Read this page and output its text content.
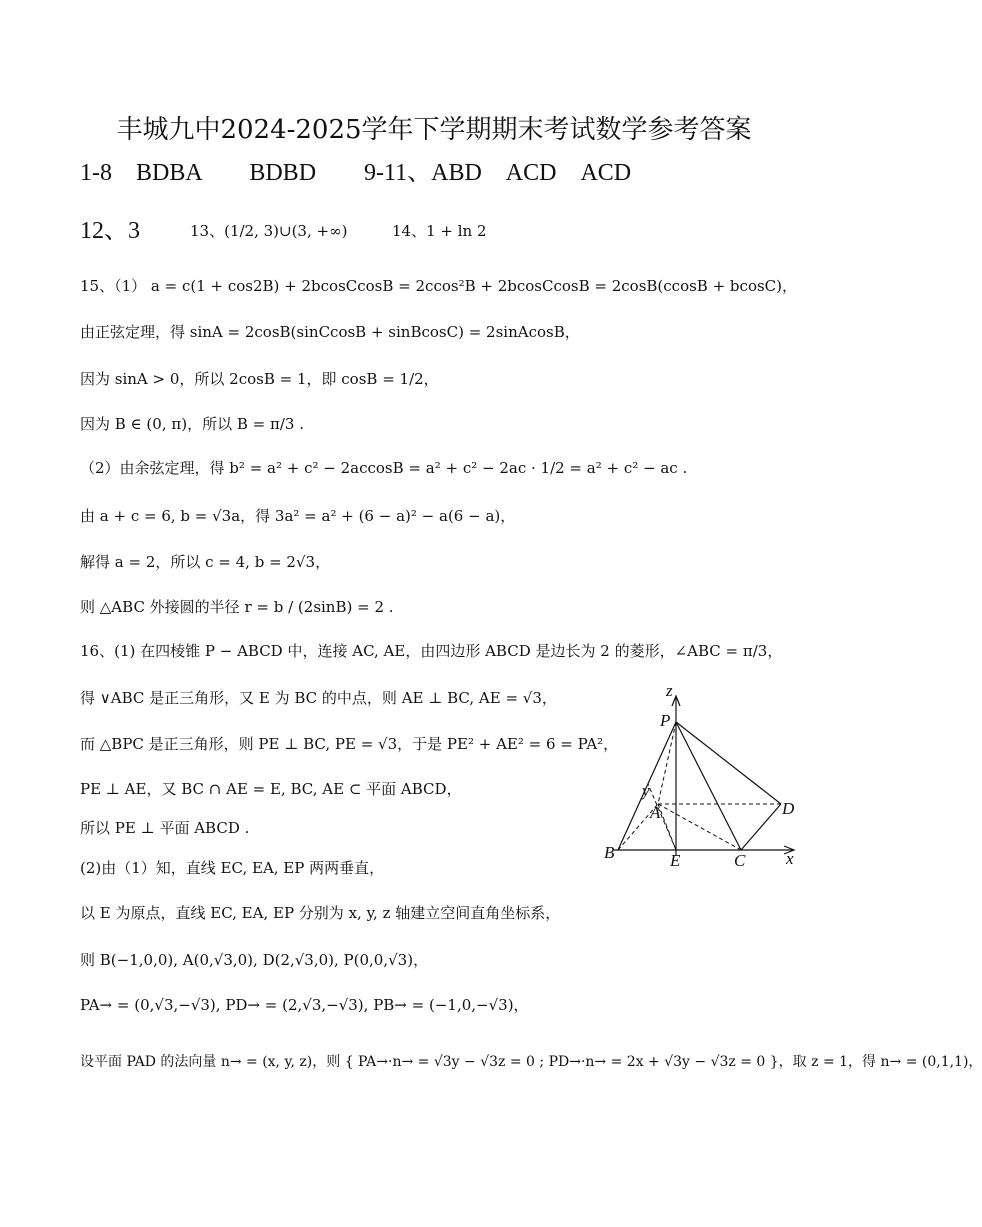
丰城九中2024-2025学年下学期期末考试数学参考答案
1-8　BDBA　　BDBD　　9-11、ABD　ACD　ACD
12、3	13、(1/2, 3)∪(3, +∞)	14、1 + ln 2
15、（1） a = c(1 + cos2B) + 2bcosCcosB = 2ccos²B + 2bcosCcosB = 2cosB(ccosB + bcosC)，
由正弦定理，得 sinA = 2cosB(sinCcosB + sinBcosC) = 2sinAcosB，
因为 sinA > 0，所以 2cosB = 1，即 cosB = 1/2，
因为 B ∈ (0, π)，所以 B = π/3 .
（2）由余弦定理，得 b² = a² + c² − 2accosB = a² + c² − 2ac · 1/2 = a² + c² − ac .
由 a + c = 6, b = √3a，得 3a² = a² + (6 − a)² − a(6 − a)，
解得 a = 2，所以 c = 4, b = 2√3，
则 △ABC 外接圆的半径 r = b / (2sinB) = 2 .
16、(1) 在四棱锥 P − ABCD 中，连接 AC, AE，由四边形 ABCD 是边长为 2 的菱形，∠ABC = π/3，
得 ∨ABC 是正三角形，又 E 为 BC 的中点，则 AE ⊥ BC, AE = √3，
而 △BPC 是正三角形，则 PE ⊥ BC, PE = √3，于是 PE² + AE² = 6 = PA²，
PE ⊥ AE，又 BC ∩ AE = E, BC, AE ⊂ 平面 ABCD，
所以 PE ⊥ 平面 ABCD .
(2)由（1）知，直线 EC, EA, EP 两两垂直，
以 E 为原点，直线 EC, EA, EP 分别为 x, y, z 轴建立空间直角坐标系，
则 B(−1,0,0), A(0,√3,0), D(2,√3,0), P(0,0,√3)，
PA→ = (0,√3,−√3), PD→ = (2,√3,−√3), PB→ = (−1,0,−√3)，
设平面 PAD 的法向量 n→ = (x, y, z)，则 { PA→·n→ = √3y − √3z = 0 ; PD→·n→ = 2x + √3y − √3z = 0 }，取 z = 1，得 n→ = (0,1,1)，
z
P
y
A	D
B	E	C x
